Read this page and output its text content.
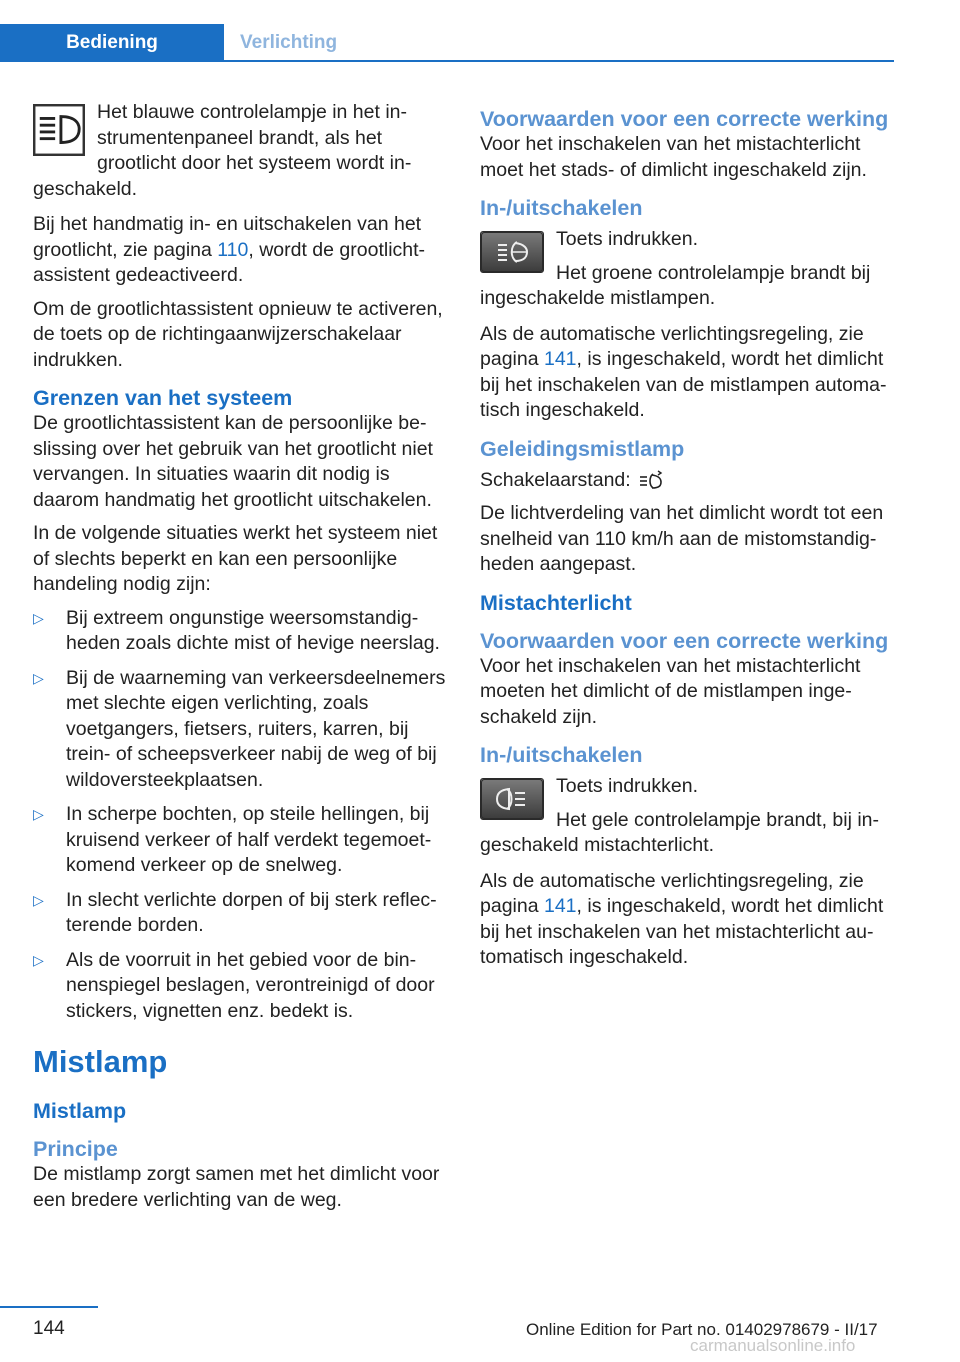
Bediening	Verlichting

Het blauwe controlelampje in het instrumentenpaneel brandt, als het grootlicht door het systeem wordt ingeschakeld.

Bij het handmatig in- en uitschakelen van het grootlicht, zie pagina 110, wordt de grootlichtassistent gedeactiveerd.

Om de grootlichtassistent opnieuw te activeren, de toets op de richtingaanwijzerschakelaar indrukken.

Grenzen van het systeem

De grootlichtassistent kan de persoonlijke beslissing over het gebruik van het grootlicht niet vervangen. In situaties waarin dit nodig is daarom handmatig het grootlicht uitschakelen.

In de volgende situaties werkt het systeem niet of slechts beperkt en kan een persoonlijke handeling nodig zijn:

▷ Bij extreem ongunstige weersomstandigheden zoals dichte mist of hevige neerslag.
▷ Bij de waarneming van verkeersdeelnemers met slechte eigen verlichting, zoals voetgangers, fietsers, ruiters, karren, bij trein- of scheepsverkeer nabij de weg of bij wildoversteekplaatsen.
▷ In scherpe bochten, op steile hellingen, bij kruisend verkeer of half verdekt tegemoetkomend verkeer op de snelweg.
▷ In slecht verlichte dorpen of bij sterk reflecterende borden.
▷ Als de voorruit in het gebied voor de binnenspiegel beslagen, verontreinigd of door stickers, vignetten enz. bedekt is.
Mistlamp
Mistlamp
Principe

De mistlamp zorgt samen met het dimlicht voor een bredere verlichting van de weg.

Voorwaarden voor een correcte werking

Voor het inschakelen van het mistachterlicht moet het stads- of dimlicht ingeschakeld zijn.

In-/uitschakelen

Toets indrukken.

Het groene controlelampje brandt bij ingeschakelde mistlampen.

Als de automatische verlichtingsregeling, zie pagina 141, is ingeschakeld, wordt het dimlicht bij het inschakelen van de mistlampen automatisch ingeschakeld.

Geleidingsmistlamp

Schakelaarstand:

De lichtverdeling van het dimlicht wordt tot een snelheid van 110 km/h aan de mistomstandigheden aangepast.

Mistachterlicht
Voorwaarden voor een correcte werking

Voor het inschakelen van het mistachterlicht moeten het dimlicht of de mistlampen ingeschakeld zijn.

In-/uitschakelen

Toets indrukken.

Het gele controlelampje brandt, bij ingeschakeld mistachterlicht.

Als de automatische verlichtingsregeling, zie pagina 141, is ingeschakeld, wordt het dimlicht bij het inschakelen van het mistachterlicht automatisch ingeschakeld.

144	Online Edition for Part no. 01402978679 - II/17
carmanualsonline.info
